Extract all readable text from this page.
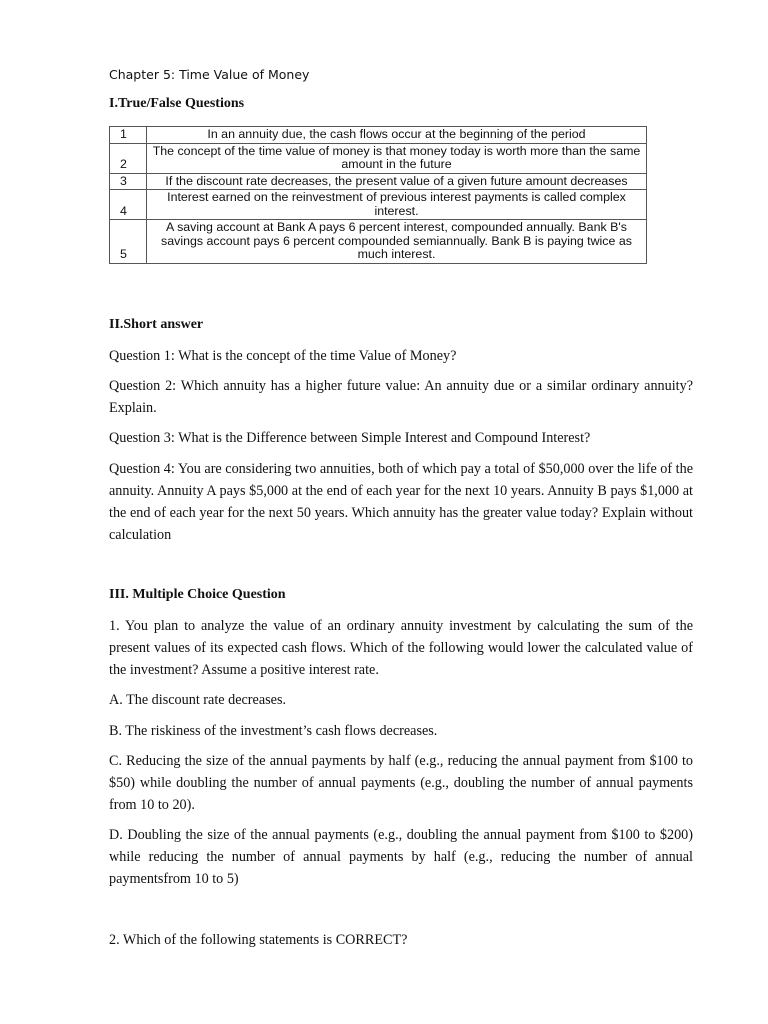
Chapter 5: Time Value of Money
I.True/False Questions
1	In an annuity due, the cash flows occur at the beginning of the period
2	The concept of the time value of money is that money today is worth more than the same amount in the future
3	If the discount rate decreases, the present value of a given future amount decreases
4	Interest earned on the reinvestment of previous interest payments is called complex interest.
5	A saving account at Bank A pays 6 percent interest, compounded annually. Bank B's savings account pays 6 percent compounded semiannually. Bank B is paying twice as much interest.
II.Short answer

Question 1: What is the concept of the time Value of Money?

Question 2: Which annuity has a higher future value: An annuity due or a similar ordinary annuity? Explain.

Question 3: What is the Difference between Simple Interest and Compound Interest?

Question 4: You are considering two annuities, both of which pay a total of $50,000 over the life of the annuity. Annuity A pays $5,000 at the end of each year for the next 10 years. Annuity B pays $1,000 at the end of each year for the next 50 years. Which annuity has the greater value today? Explain without calculation

III. Multiple Choice Question

1. You plan to analyze the value of an ordinary annuity investment by calculating the sum of the present values of its expected cash flows. Which of the following would lower the calculated value of the investment? Assume a positive interest rate.

A. The discount rate decreases.

B. The riskiness of the investment’s cash flows decreases.

C. Reducing the size of the annual payments by half (e.g., reducing the annual payment from $100 to $50) while doubling the number of annual payments (e.g., doubling the number of annual payments from 10 to 20).

D. Doubling the size of the annual payments (e.g., doubling the annual payment from $100 to $200) while reducing the number of annual payments by half (e.g., reducing the number of annual paymentsfrom 10 to 5)

2. Which of the following statements is CORRECT?
